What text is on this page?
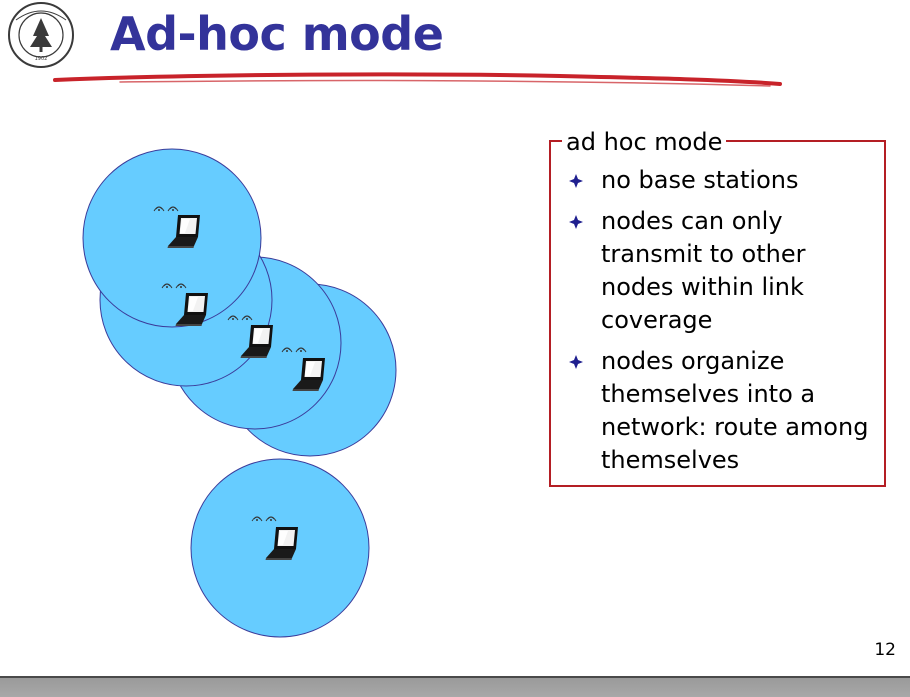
1902 Ad-hoc mode
ad hoc mode
no base stations
nodes can only transmit to other nodes within link coverage
nodes organize themselves into a network: route among themselves
12
